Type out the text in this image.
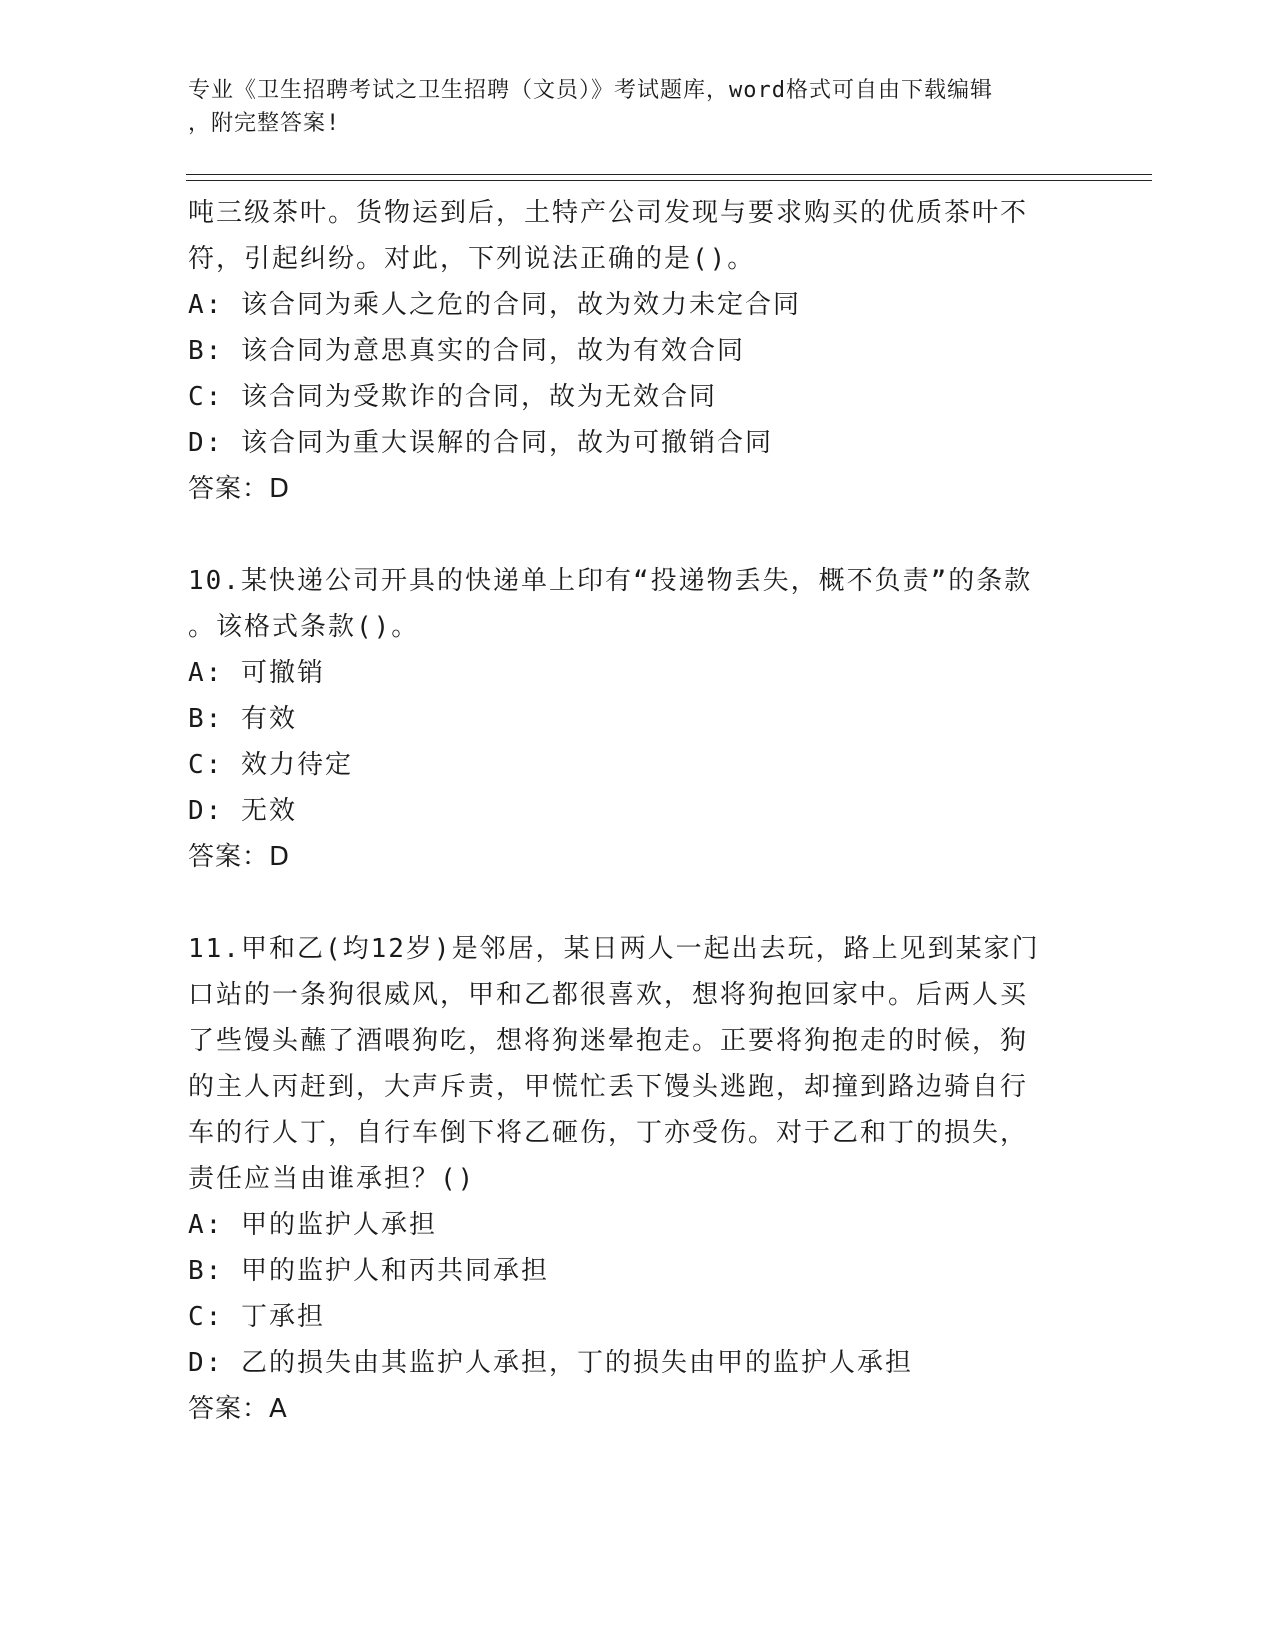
专业《卫生招聘考试之卫生招聘（文员）》考试题库，word格式可自由下载编辑
，附完整答案!
吨三级茶叶。货物运到后，土特产公司发现与要求购买的优质茶叶不
符，引起纠纷。对此，下列说法正确的是()。
A: 该合同为乘人之危的合同，故为效力未定合同
B: 该合同为意思真实的合同，故为有效合同
C: 该合同为受欺诈的合同，故为无效合同
D: 该合同为重大误解的合同，故为可撤销合同
答案：D
10.某快递公司开具的快递单上印有“投递物丢失，概不负责”的条款
。该格式条款()。
A: 可撤销
B: 有效
C: 效力待定
D: 无效
答案：D
11.甲和乙(均12岁)是邻居，某日两人一起出去玩，路上见到某家门
口站的一条狗很威风，甲和乙都很喜欢，想将狗抱回家中。后两人买
了些馒头蘸了酒喂狗吃，想将狗迷晕抱走。正要将狗抱走的时候，狗
的主人丙赶到，大声斥责，甲慌忙丢下馒头逃跑，却撞到路边骑自行
车的行人丁，自行车倒下将乙砸伤，丁亦受伤。对于乙和丁的损失，
责任应当由谁承担？()
A: 甲的监护人承担
B: 甲的监护人和丙共同承担
C: 丁承担
D: 乙的损失由其监护人承担，丁的损失由甲的监护人承担
答案：A
